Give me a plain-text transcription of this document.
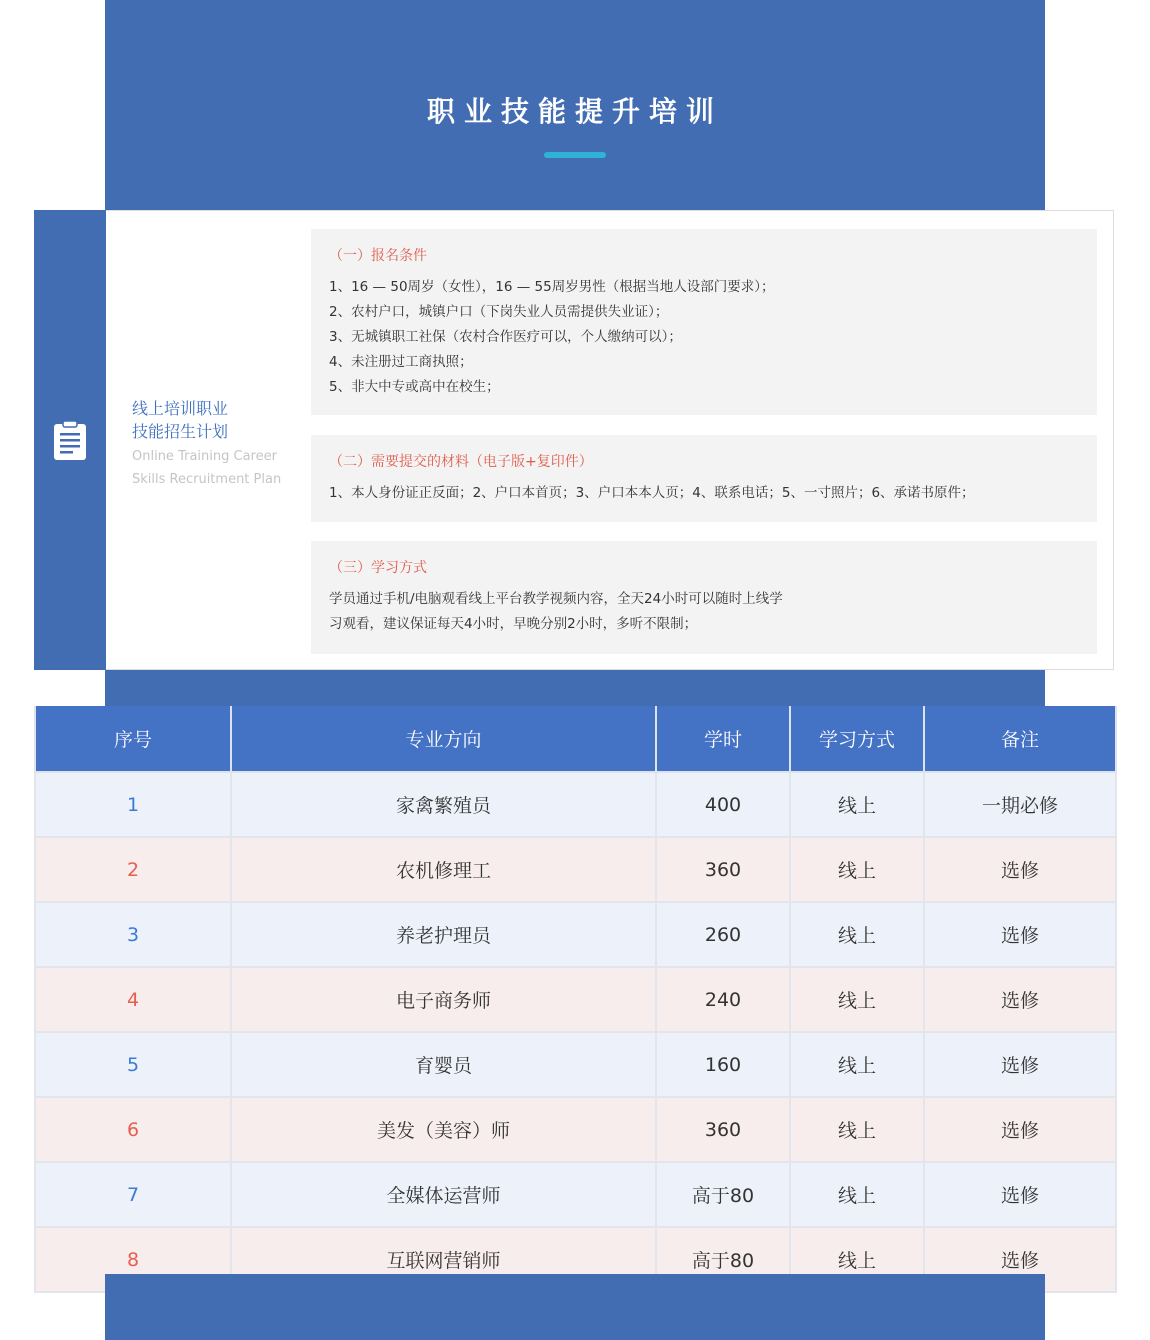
职业技能提升培训
线上培训职业
技能招生计划
Online Training Career
Skills Recruitment Plan
（一）报名条件
1、16 — 50周岁（女性），16 — 55周岁男性（根据当地人设部门要求）；
2、农村户口，城镇户口（下岗失业人员需提供失业证）；
3、无城镇职工社保（农村合作医疗可以，个人缴纳可以）；
4、未注册过工商执照；
5、非大中专或高中在校生；
（二）需要提交的材料（电子版+复印件）
1、本人身份证正反面；2、户口本首页；3、户口本本人页；4、联系电话；5、一寸照片；6、承诺书原件；
（三）学习方式
学员通过手机/电脑观看线上平台教学视频内容，全天24小时可以随时上线学
习观看，建议保证每天4小时，早晚分别2小时，多听不限制；
序号	专业方向	学时	学习方式	备注
1	家禽繁殖员	400	线上	一期必修
2	农机修理工	360	线上	选修
3	养老护理员	260	线上	选修
4	电子商务师	240	线上	选修
5	育婴员	160	线上	选修
6	美发（美容）师	360	线上	选修
7	全媒体运营师	高于80	线上	选修
8	互联网营销师	高于80	线上	选修
